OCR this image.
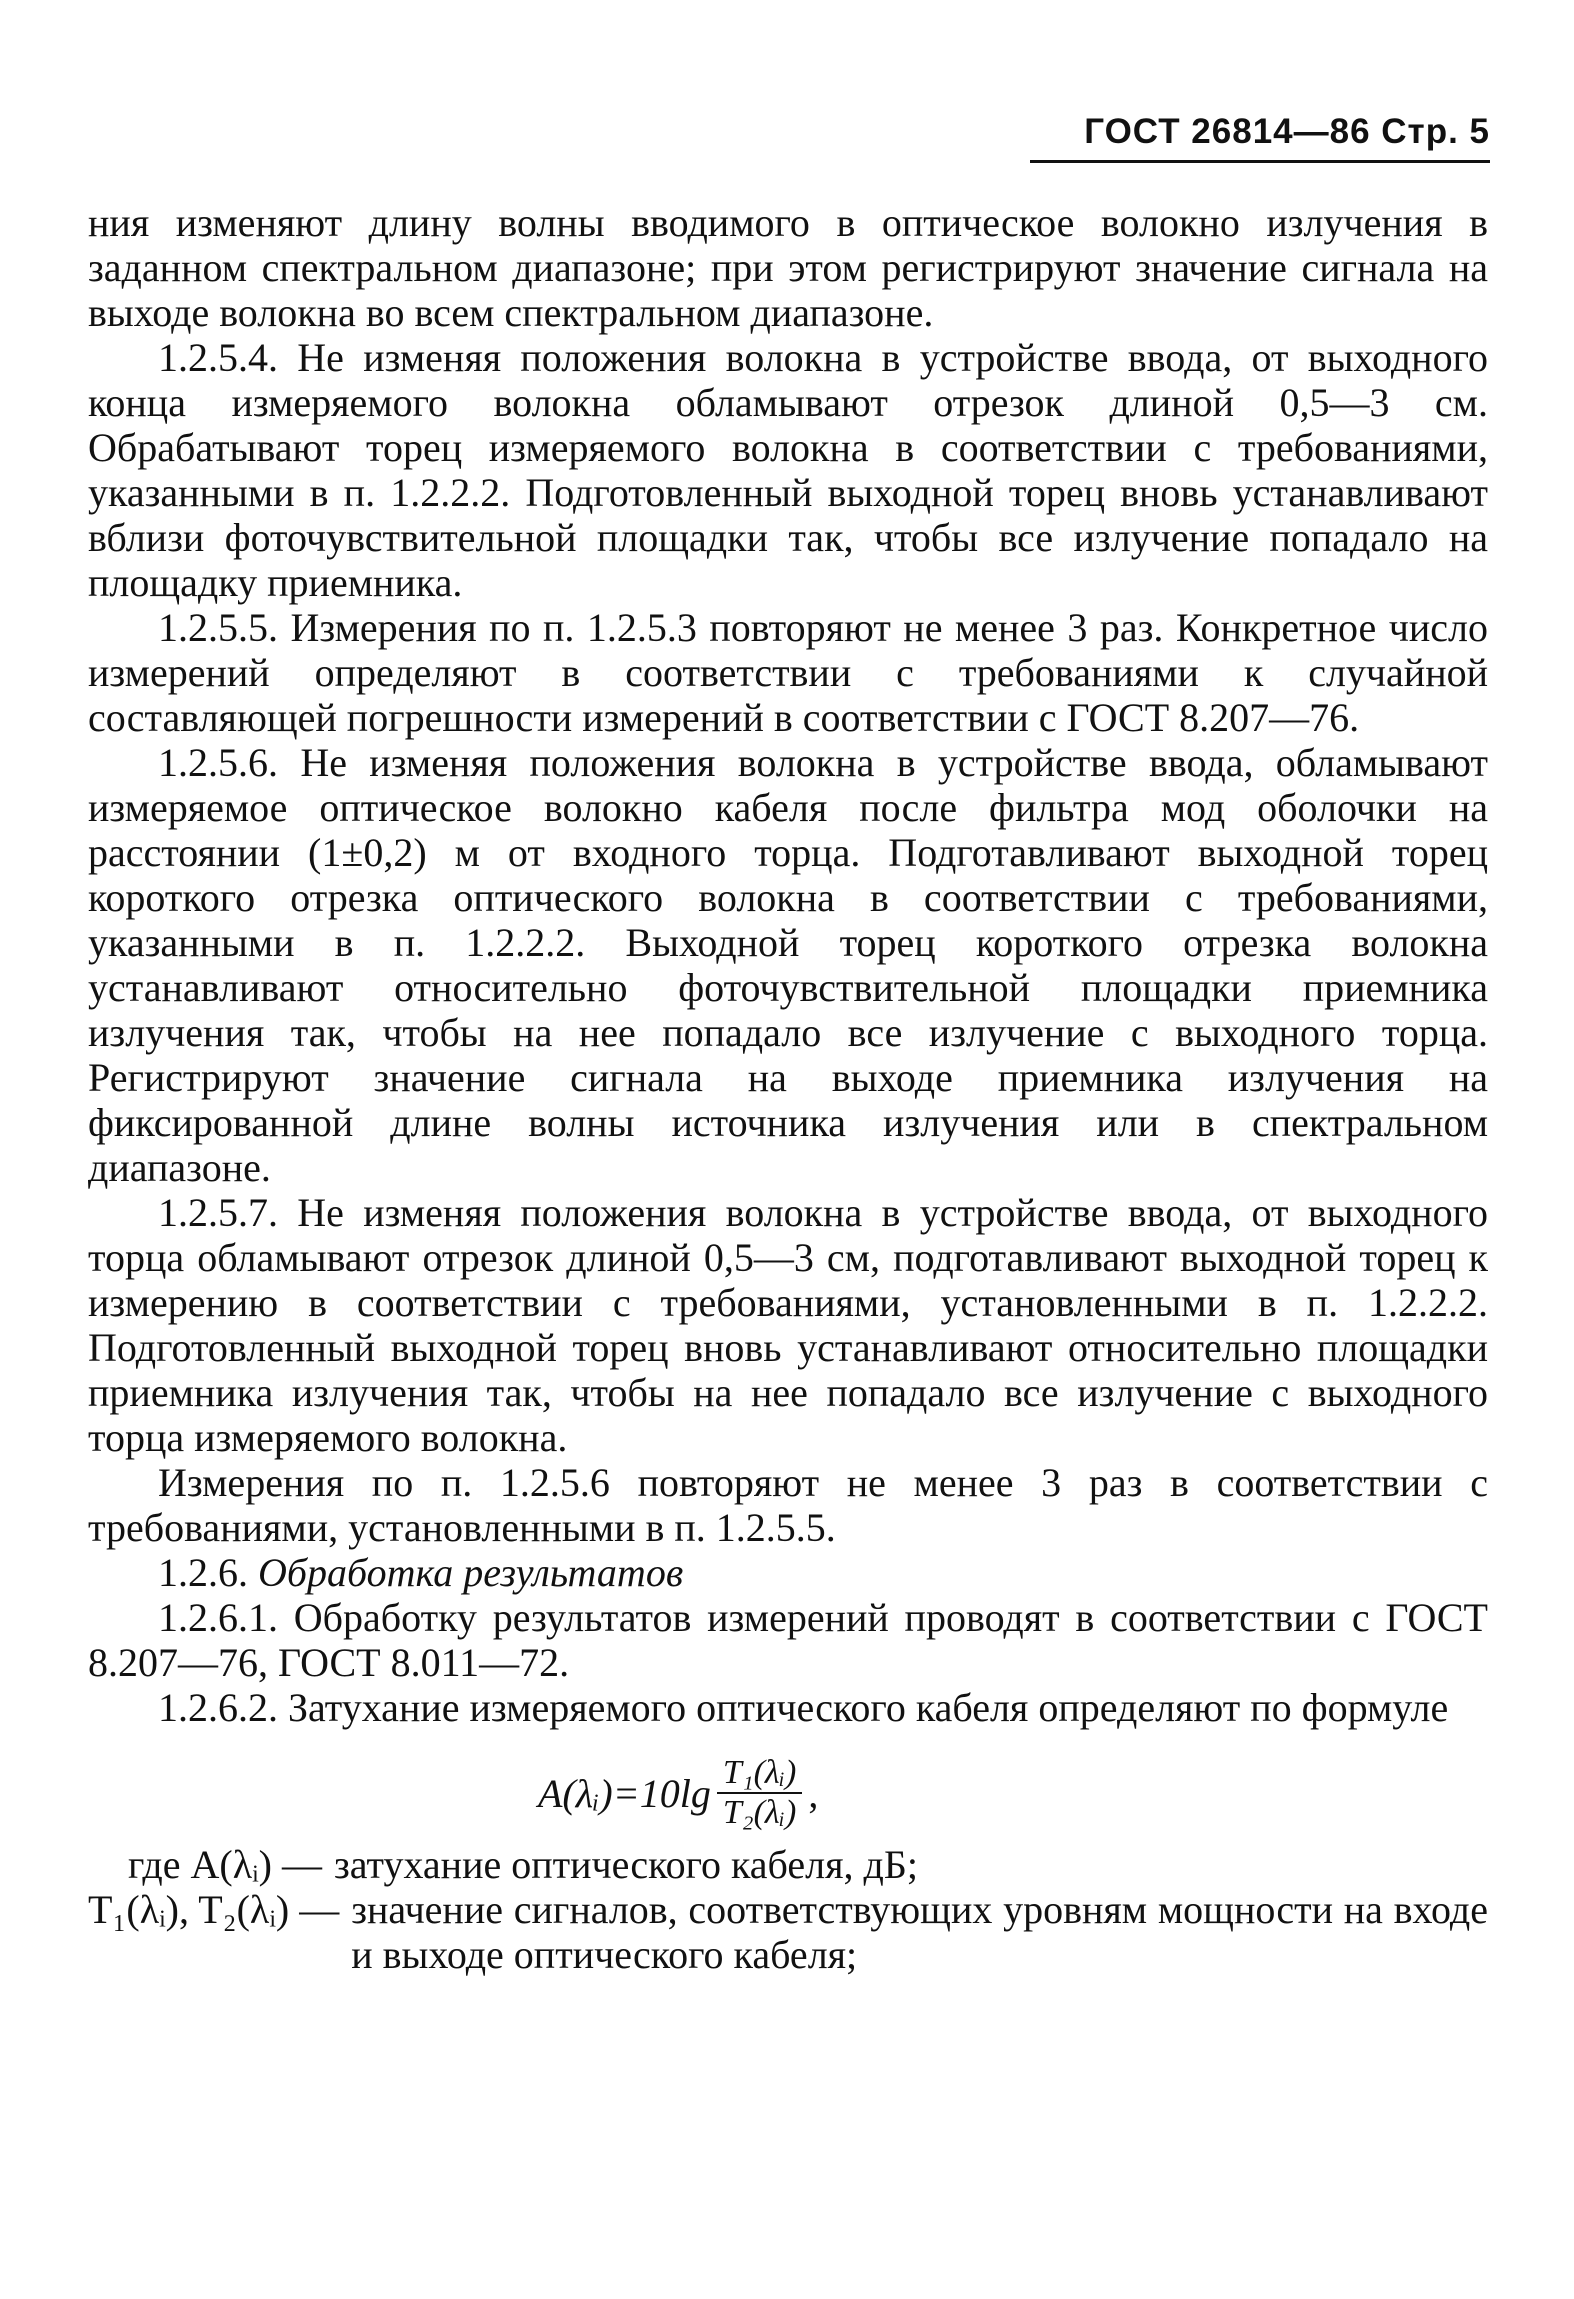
ГОСТ 26814—86 Стр. 5

ния изменяют длину волны вводимого в оптическое волокно излучения в заданном спектральном диапазоне; при этом регистрируют значение сигнала на выходе волокна во всем спектральном диапазоне.

1.2.5.4. Не изменяя положения волокна в устройстве ввода, от выходного конца измеряемого волокна обламывают отрезок длиной 0,5—3 см. Обрабатывают торец измеряемого волокна в соответствии с требованиями, указанными в п. 1.2.2.2. Подготовленный выходной торец вновь устанавливают вблизи фоточувствительной площадки так, чтобы все излучение попадало на площадку приемника.

1.2.5.5. Измерения по п. 1.2.5.3 повторяют не менее 3 раз. Конкретное число измерений определяют в соответствии с требованиями к случайной составляющей погрешности измерений в соответствии с ГОСТ 8.207—76.

1.2.5.6. Не изменяя положения волокна в устройстве ввода, обламывают измеряемое оптическое волокно кабеля после фильтра мод оболочки на расстоянии (1±0,2) м от входного торца. Подготавливают выходной торец короткого отрезка оптического волокна в соответствии с требованиями, указанными в п. 1.2.2.2. Выходной торец короткого отрезка волокна устанавливают относительно фоточувствительной площадки приемника излучения так, чтобы на нее попадало все излучение с выходного торца. Регистрируют значение сигнала на выходе приемника излучения на фиксированной длине волны источника излучения или в спектральном диапазоне.

1.2.5.7. Не изменяя положения волокна в устройстве ввода, от выходного торца обламывают отрезок длиной 0,5—3 см, подготавливают выходной торец к измерению в соответствии с требованиями, установленными в п. 1.2.2.2. Подготовленный выходной торец вновь устанавливают относительно площадки приемника излучения так, чтобы на нее попадало все излучение с выходного торца измеряемого волокна.

Измерения по п. 1.2.5.6 повторяют не менее 3 раз в соответствии с требованиями, установленными в п. 1.2.5.5.

1.2.6. Обработка результатов

1.2.6.1. Обработку результатов измерений проводят в соответствии с ГОСТ 8.207—76, ГОСТ 8.011—72.

1.2.6.2. Затухание измеряемого оптического кабеля определяют по формуле

A(λᵢ)=10lg $\frac{\text{T₁(λᵢ)}}{\text{T₂(λᵢ)}}$ ,
где A(λᵢ) — затухание оптического кабеля, дБ;
T₁(λᵢ), T₂(λᵢ) — значение сигналов, соответствующих уровням мощности на входе и выходе оптического кабеля;
